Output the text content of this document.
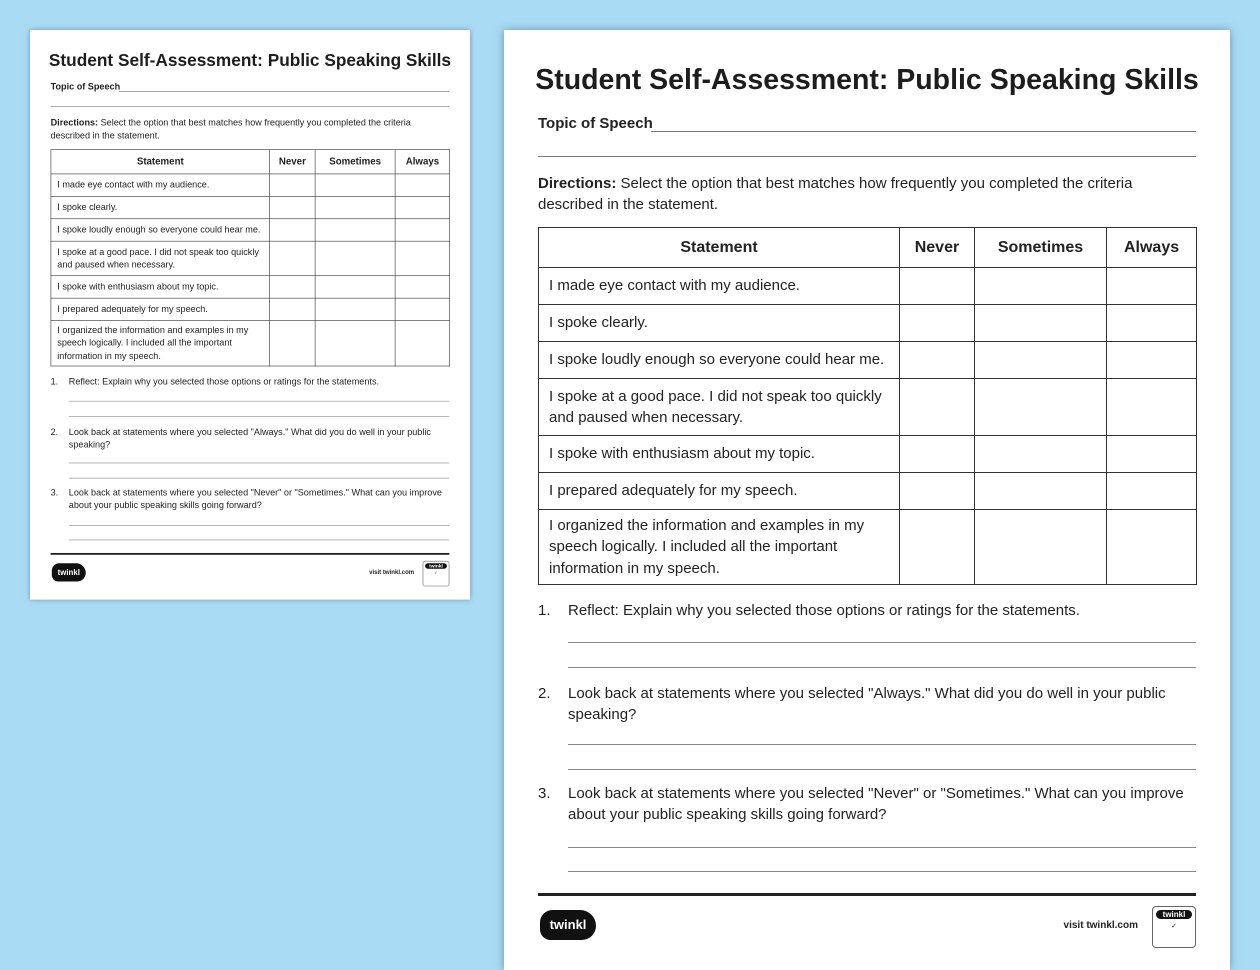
Student Self-Assessment: Public Speaking Skills
Topic of Speech
Directions: Select the option that best matches how frequently you completed the criteria described in the statement.
Statement	Never	Sometimes	Always
I made eye contact with my audience.			
I spoke clearly.			
I spoke loudly enough so everyone could hear me.			
I spoke at a good pace. I did not speak too quickly and paused when necessary.			
I spoke with enthusiasm about my topic.			
I prepared adequately for my speech.			
I organized the information and examples in my speech logically. I included all the important information in my speech.			
1. Reflect: Explain why you selected those options or ratings for the statements.
2. Look back at statements where you selected "Always." What did you do well in your public speaking?
3. Look back at statements where you selected "Never" or "Sometimes." What can you improve about your public speaking skills going forward?
twinkl	visit twinkl.com
twinkl
✓
Student Self-Assessment: Public Speaking Skills
Topic of Speech
Directions: Select the option that best matches how frequently you completed the criteria described in the statement.
Statement	Never	Sometimes	Always
I made eye contact with my audience.			
I spoke clearly.			
I spoke loudly enough so everyone could hear me.			
I spoke at a good pace. I did not speak too quickly and paused when necessary.			
I spoke with enthusiasm about my topic.			
I prepared adequately for my speech.			
I organized the information and examples in my speech logically. I included all the important information in my speech.			
1. Reflect: Explain why you selected those options or ratings for the statements.
2. Look back at statements where you selected "Always." What did you do well in your public speaking?
3. Look back at statements where you selected "Never" or "Sometimes." What can you improve about your public speaking skills going forward?
twinkl	visit twinkl.com
twinkl
✓
